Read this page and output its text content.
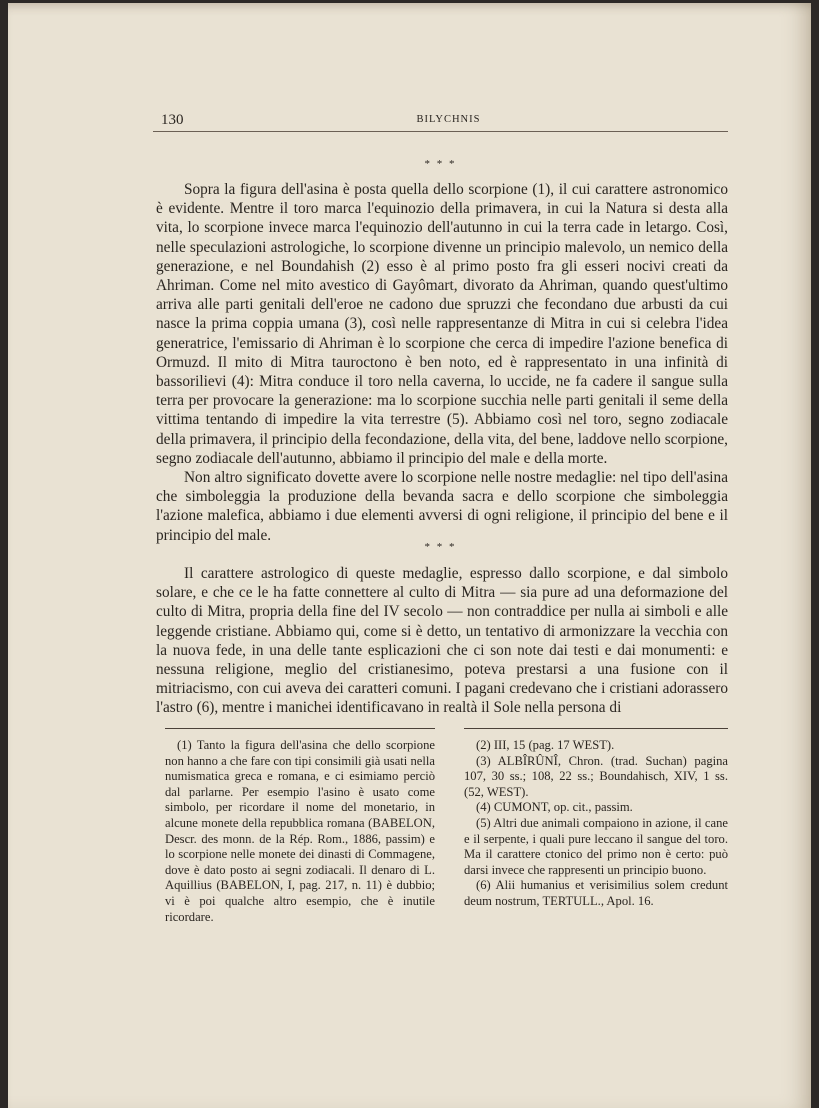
130	BILYCHNIS
* * *

Sopra la figura dell'asina è posta quella dello scorpione (1), il cui carattere astronomico è evidente. Mentre il toro marca l'equinozio della primavera, in cui la Natura si desta alla vita, lo scorpione invece marca l'equinozio dell'autunno in cui la terra cade in letargo. Così, nelle speculazioni astrologiche, lo scorpione divenne un principio malevolo, un nemico della generazione, e nel Boundahish (2) esso è al primo posto fra gli esseri nocivi creati da Ahriman. Come nel mito avestico di Gayômart, divorato da Ahriman, quando quest'ultimo arriva alle parti genitali dell'eroe ne cadono due spruzzi che fecondano due arbusti da cui nasce la prima coppia umana (3), così nelle rappresentanze di Mitra in cui si celebra l'idea generatrice, l'emissario di Ahriman è lo scorpione che cerca di impedire l'azione benefica di Ormuzd. Il mito di Mitra tauroctono è ben noto, ed è rappresentato in una infinità di bassorilievi (4): Mitra conduce il toro nella caverna, lo uccide, ne fa cadere il sangue sulla terra per provocare la generazione: ma lo scorpione succhia nelle parti genitali il seme della vittima tentando di impedire la vita terrestre (5). Abbiamo così nel toro, segno zodiacale della primavera, il principio della fecondazione, della vita, del bene, laddove nello scorpione, segno zodiacale dell'autunno, abbiamo il principio del male e della morte.

Non altro significato dovette avere lo scorpione nelle nostre medaglie: nel tipo dell'asina che simboleggia la produzione della bevanda sacra e dello scorpione che simboleggia l'azione malefica, abbiamo i due elementi avversi di ogni religione, il principio del bene e il principio del male.

* * *

Il carattere astrologico di queste medaglie, espresso dallo scorpione, e dal simbolo solare, e che ce le ha fatte connettere al culto di Mitra — sia pure ad una deformazione del culto di Mitra, propria della fine del IV secolo — non contraddice per nulla ai simboli e alle leggende cristiane. Abbiamo qui, come si è detto, un tentativo di armonizzare la vecchia con la nuova fede, in una delle tante esplicazioni che ci son note dai testi e dai monumenti: e nessuna religione, meglio del cristianesimo, poteva prestarsi a una fusione con il mitriacismo, con cui aveva dei caratteri comuni. I pagani credevano che i cristiani adorassero l'astro (6), mentre i manichei identificavano in realtà il Sole nella persona di

(1) Tanto la figura dell'asina che dello scorpione non hanno a che fare con tipi consimili già usati nella numismatica greca e romana, e ci esimiamo perciò dal parlarne. Per esempio l'asino è usato come simbolo, per ricordare il nome del monetario, in alcune monete della repubblica romana (BABELON, Descr. des monn. de la Rép. Rom., 1886, passim) e lo scorpione nelle monete dei dinasti di Commagene, dove è dato posto ai segni zodiacali. Il denaro di L. Aquillius (BABELON, I, pag. 217, n. 11) è dubbio; vi è poi qualche altro esempio, che è inutile ricordare.

(2) III, 15 (pag. 17 WEST).

(3) ALBÎRÛNÎ, Chron. (trad. Suchan) pagina 107, 30 ss.; 108, 22 ss.; Boundahisch, XIV, 1 ss. (52, WEST).

(4) CUMONT, op. cit., passim.

(5) Altri due animali compaiono in azione, il cane e il serpente, i quali pure leccano il sangue del toro. Ma il carattere ctonico del primo non è certo: può darsi invece che rappresenti un principio buono.

(6) Alii humanius et verisimilius solem credunt deum nostrum, TERTULL., Apol. 16.
